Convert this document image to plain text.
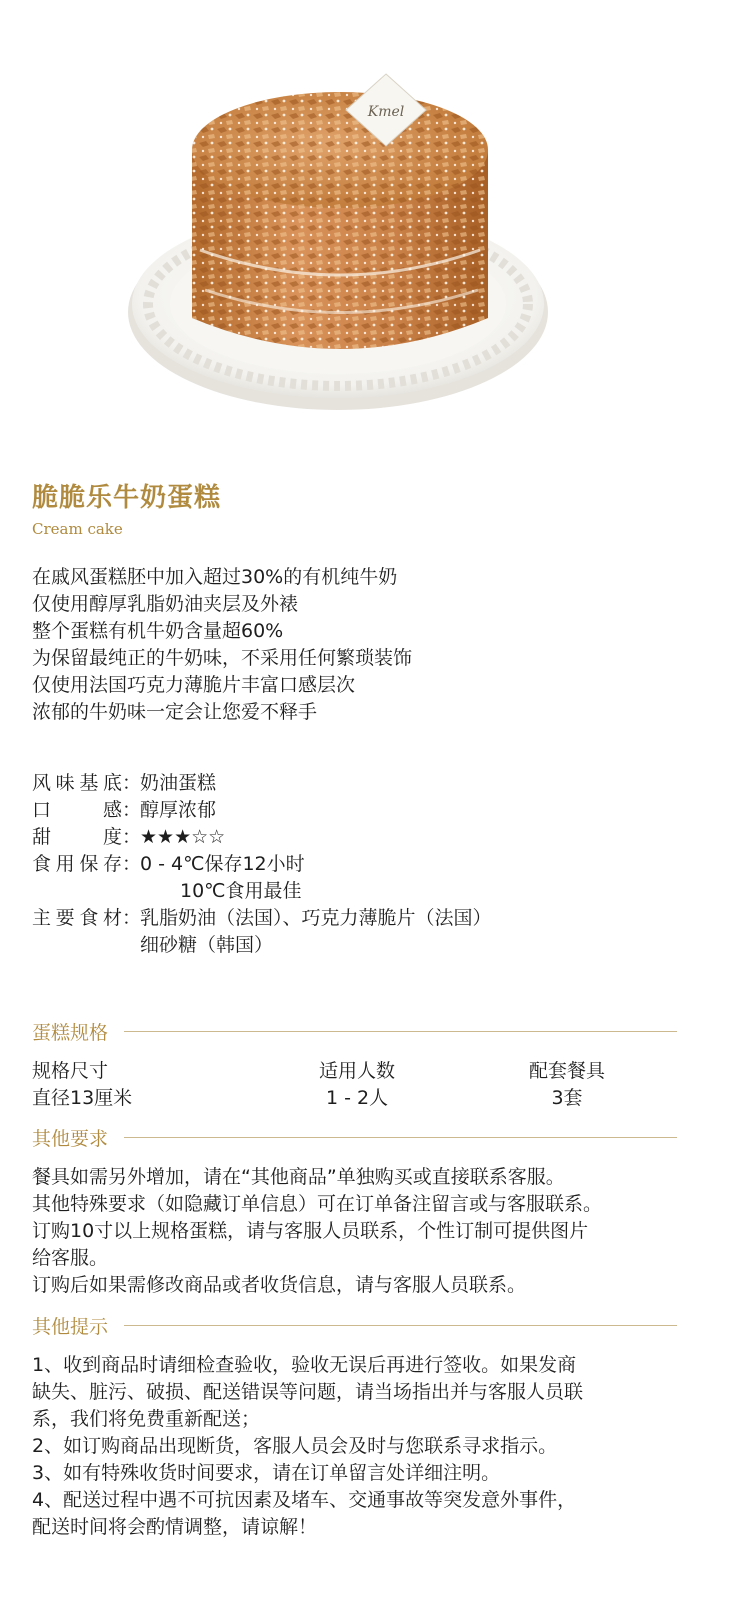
Kmel
脆脆乐牛奶蛋糕
Cream cake
在戚风蛋糕胚中加入超过30%的有机纯牛奶
仅使用醇厚乳脂奶油夹层及外裱
整个蛋糕有机牛奶含量超60%
为保留最纯正的牛奶味，不采用任何繁琐装饰
仅使用法国巧克力薄脆片丰富口感层次
浓郁的牛奶味一定会让您爱不释手
风味基底 ：
奶油蛋糕
口感 ：
醇厚浓郁
甜度 ：
★★★☆☆
食用保存 ：
0 - 4℃保存12小时
10℃食用最佳
主要食材 ：
乳脂奶油（法国）、巧克力薄脆片（法国）
细砂糖（韩国）
蛋糕规格
规格尺寸	适用人数	配套餐具
直径13厘米	1 - 2人	3套
其他要求
餐具如需另外增加，请在“其他商品”单独购买或直接联系客服。
其他特殊要求（如隐藏订单信息）可在订单备注留言或与客服联系。
订购10寸以上规格蛋糕，请与客服人员联系，个性订制可提供图片
给客服。
订购后如果需修改商品或者收货信息，请与客服人员联系。
其他提示
1、收到商品时请细检查验收，验收无误后再进行签收。如果发商
缺失、脏污、破损、配送错误等问题，请当场指出并与客服人员联
系，我们将免费重新配送；
2、如订购商品出现断货，客服人员会及时与您联系寻求指示。
3、如有特殊收货时间要求，请在订单留言处详细注明。
4、配送过程中遇不可抗因素及堵车、交通事故等突发意外事件，
配送时间将会酌情调整，请谅解！
